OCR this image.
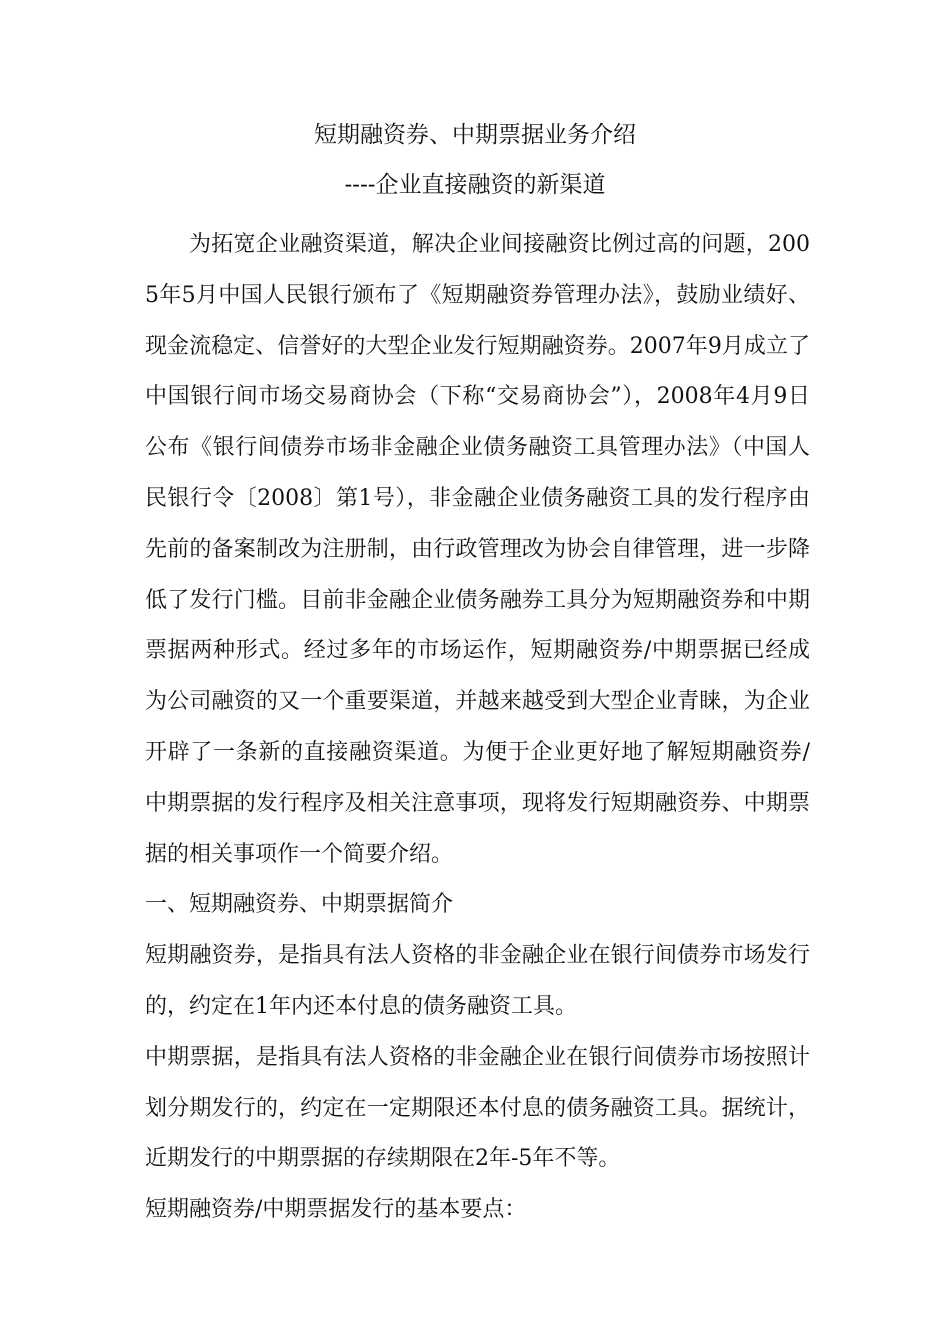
短期融资券、中期票据业务介绍
----企业直接融资的新渠道

为拓宽企业融资渠道，解决企业间接融资比例过高的问题，2005年5月中国人民银行颁布了《短期融资券管理办法》，鼓励业绩好、现金流稳定、信誉好的大型企业发行短期融资券。2007年9月成立了中国银行间市场交易商协会（下称“交易商协会”），2008年4月9日公布《银行间债券市场非金融企业债务融资工具管理办法》（中国人民银行令〔2008〕第1号），非金融企业债务融资工具的发行程序由先前的备案制改为注册制，由行政管理改为协会自律管理，进一步降低了发行门槛。目前非金融企业债务融券工具分为短期融资券和中期票据两种形式。经过多年的市场运作，短期融资券/中期票据已经成为公司融资的又一个重要渠道，并越来越受到大型企业青睐，为企业开辟了一条新的直接融资渠道。为便于企业更好地了解短期融资券/中期票据的发行程序及相关注意事项，现将发行短期融资券、中期票据的相关事项作一个简要介绍。

一、短期融资券、中期票据简介

短期融资券，是指具有法人资格的非金融企业在银行间债券市场发行的，约定在1年内还本付息的债务融资工具。

中期票据，是指具有法人资格的非金融企业在银行间债券市场按照计划分期发行的，约定在一定期限还本付息的债务融资工具。据统计，近期发行的中期票据的存续期限在2年-5年不等。

短期融资券/中期票据发行的基本要点：
